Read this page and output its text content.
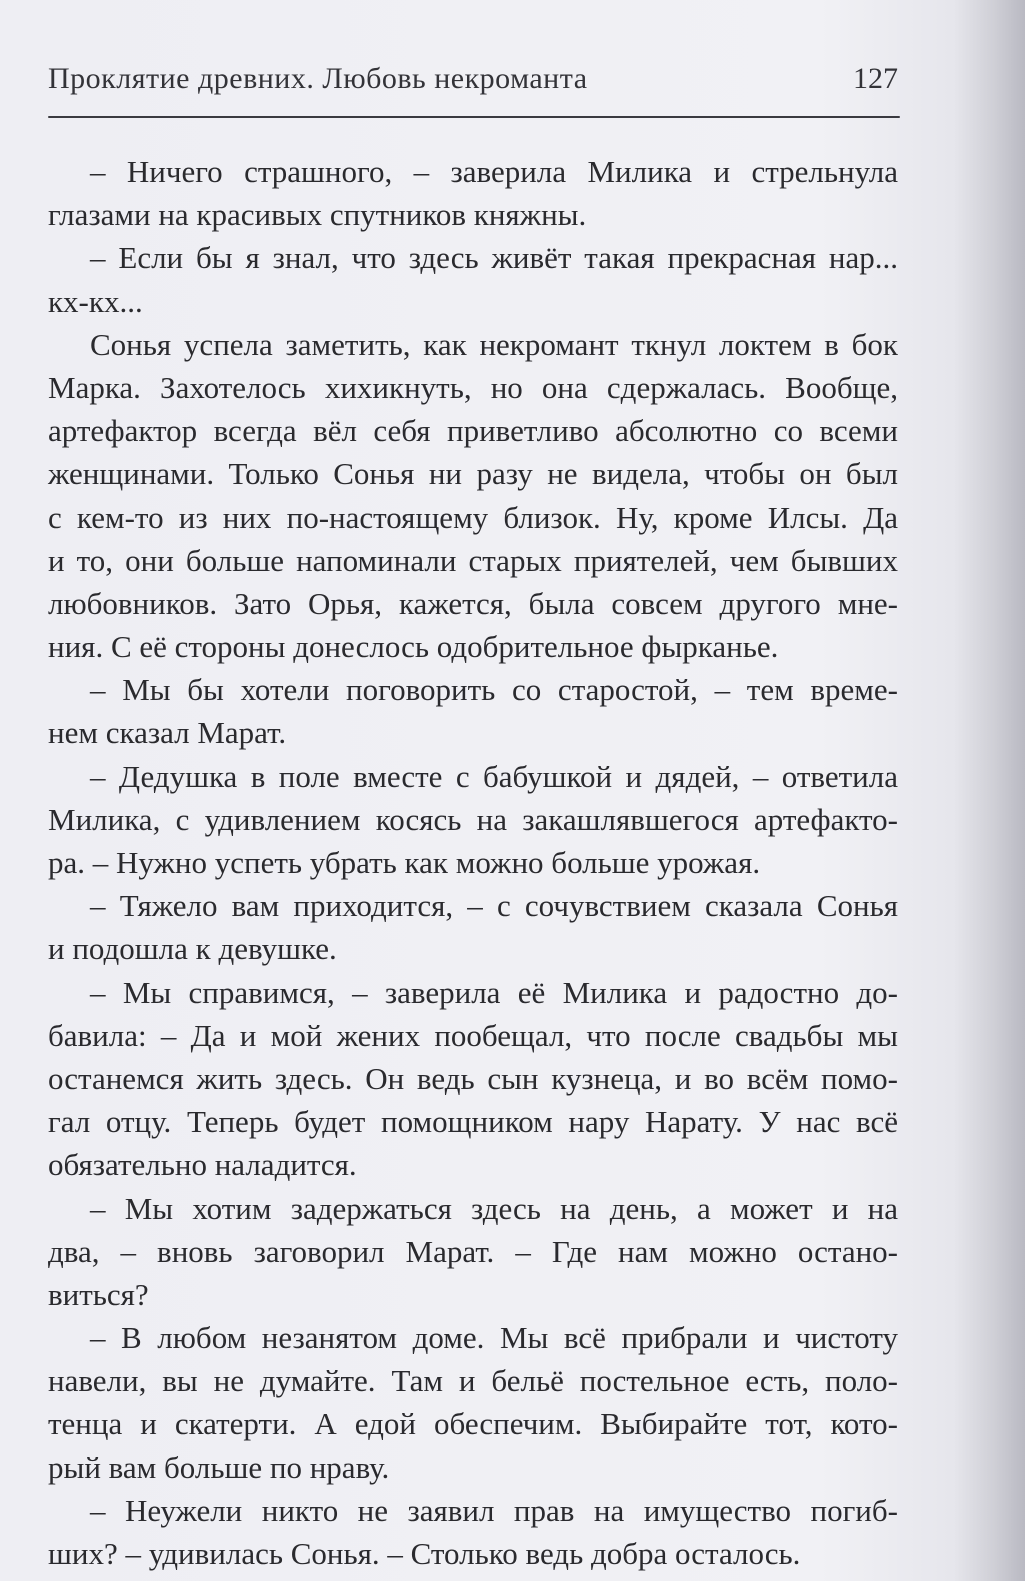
Проклятие древних. Любовь некроманта	127
– Ничего страшного, – заверила Милика и стрельнула
глазами на красивых спутников княжны.
– Если бы я знал, что здесь живёт такая прекрасная нар...
кх-кх...
Сонья успела заметить, как некромант ткнул локтем в бок
Марка. Захотелось хихикнуть, но она сдержалась. Вообще,
артефактор всегда вёл себя приветливо абсолютно со всеми
женщинами. Только Сонья ни разу не видела, чтобы он был
с кем-то из них по-настоящему близок. Ну, кроме Илсы. Да
и то, они больше напоминали старых приятелей, чем бывших
любовников. Зато Орья, кажется, была совсем другого мне-
ния. С её стороны донеслось одобрительное фырканье.
– Мы бы хотели поговорить со старостой, – тем време-
нем сказал Марат.
– Дедушка в поле вместе с бабушкой и дядей, – ответила
Милика, с удивлением косясь на закашлявшегося артефакто-
ра. – Нужно успеть убрать как можно больше урожая.
– Тяжело вам приходится, – с сочувствием сказала Сонья
и подошла к девушке.
– Мы справимся, – заверила её Милика и радостно до-
бавила: – Да и мой жених пообещал, что после свадьбы мы
останемся жить здесь. Он ведь сын кузнеца, и во всём помо-
гал отцу. Теперь будет помощником нару Нарату. У нас всё
обязательно наладится.
– Мы хотим задержаться здесь на день, а может и на
два, – вновь заговорил Марат. – Где нам можно остано-
виться?
– В любом незанятом доме. Мы всё прибрали и чистоту
навели, вы не думайте. Там и бельё постельное есть, поло-
тенца и скатерти. А едой обеспечим. Выбирайте тот, кото-
рый вам больше по нраву.
– Неужели никто не заявил прав на имущество погиб-
ших? – удивилась Сонья. – Столько ведь добра осталось.
